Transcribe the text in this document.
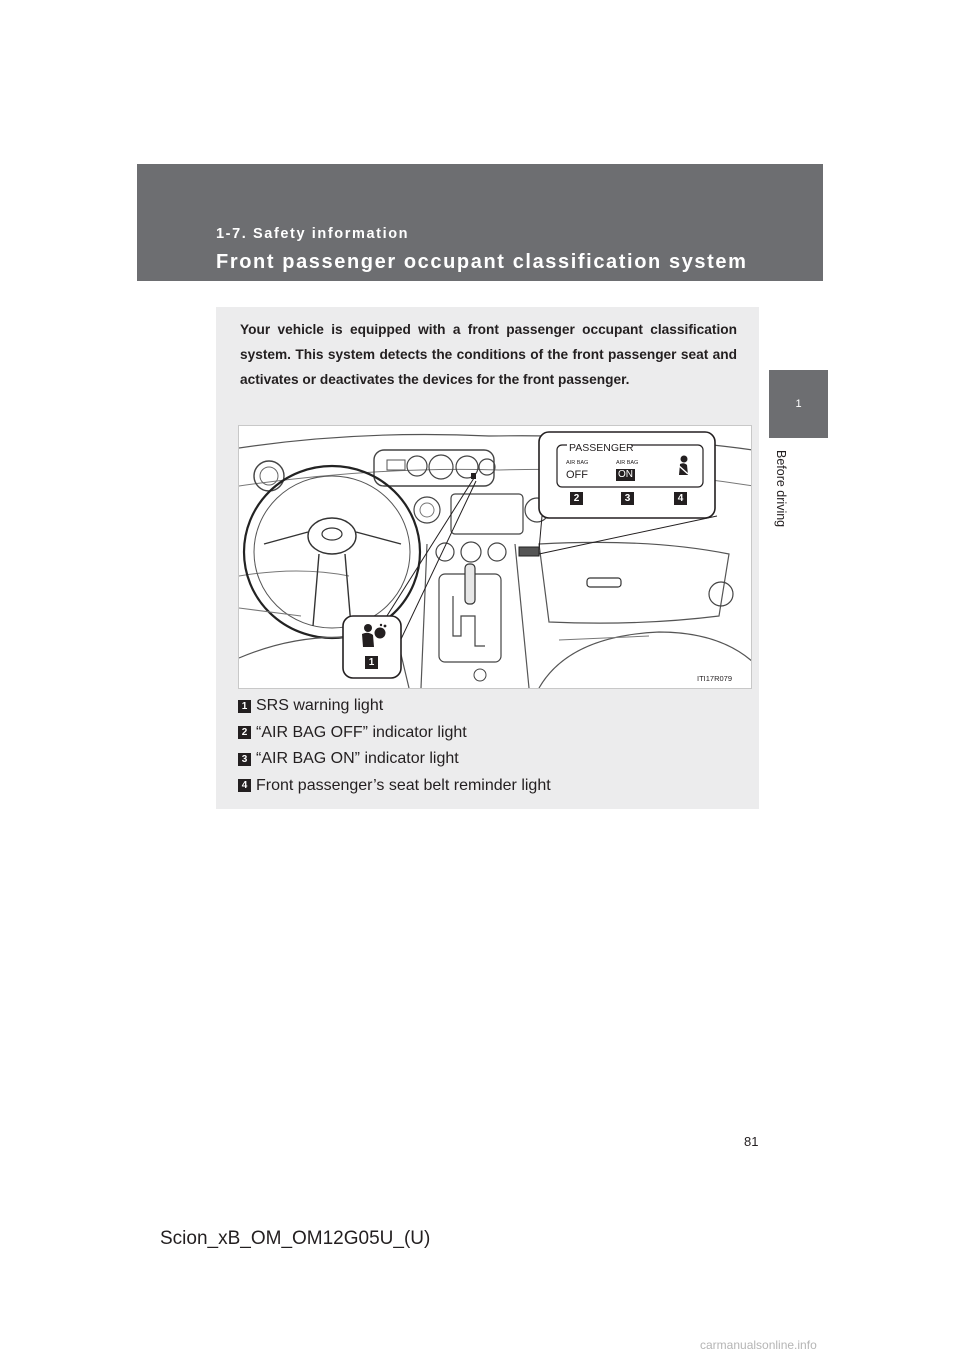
1-7. Safety information
Front passenger occupant classification system
1
Before driving
Your vehicle is equipped with a front passenger occupant classification system. This system detects the conditions of the front passenger seat and activates or deactivates the devices for the front passenger.
PASSENGER
AIR BAG	AIR BAG
OFF	ON
2	3	4
1
ITI17R079
1 SRS warning light
2 “AIR BAG OFF” indicator light
3 “AIR BAG ON” indicator light
4 Front passenger’s seat belt reminder light
81
Scion_xB_OM_OM12G05U_(U)
carmanualsonline.info
